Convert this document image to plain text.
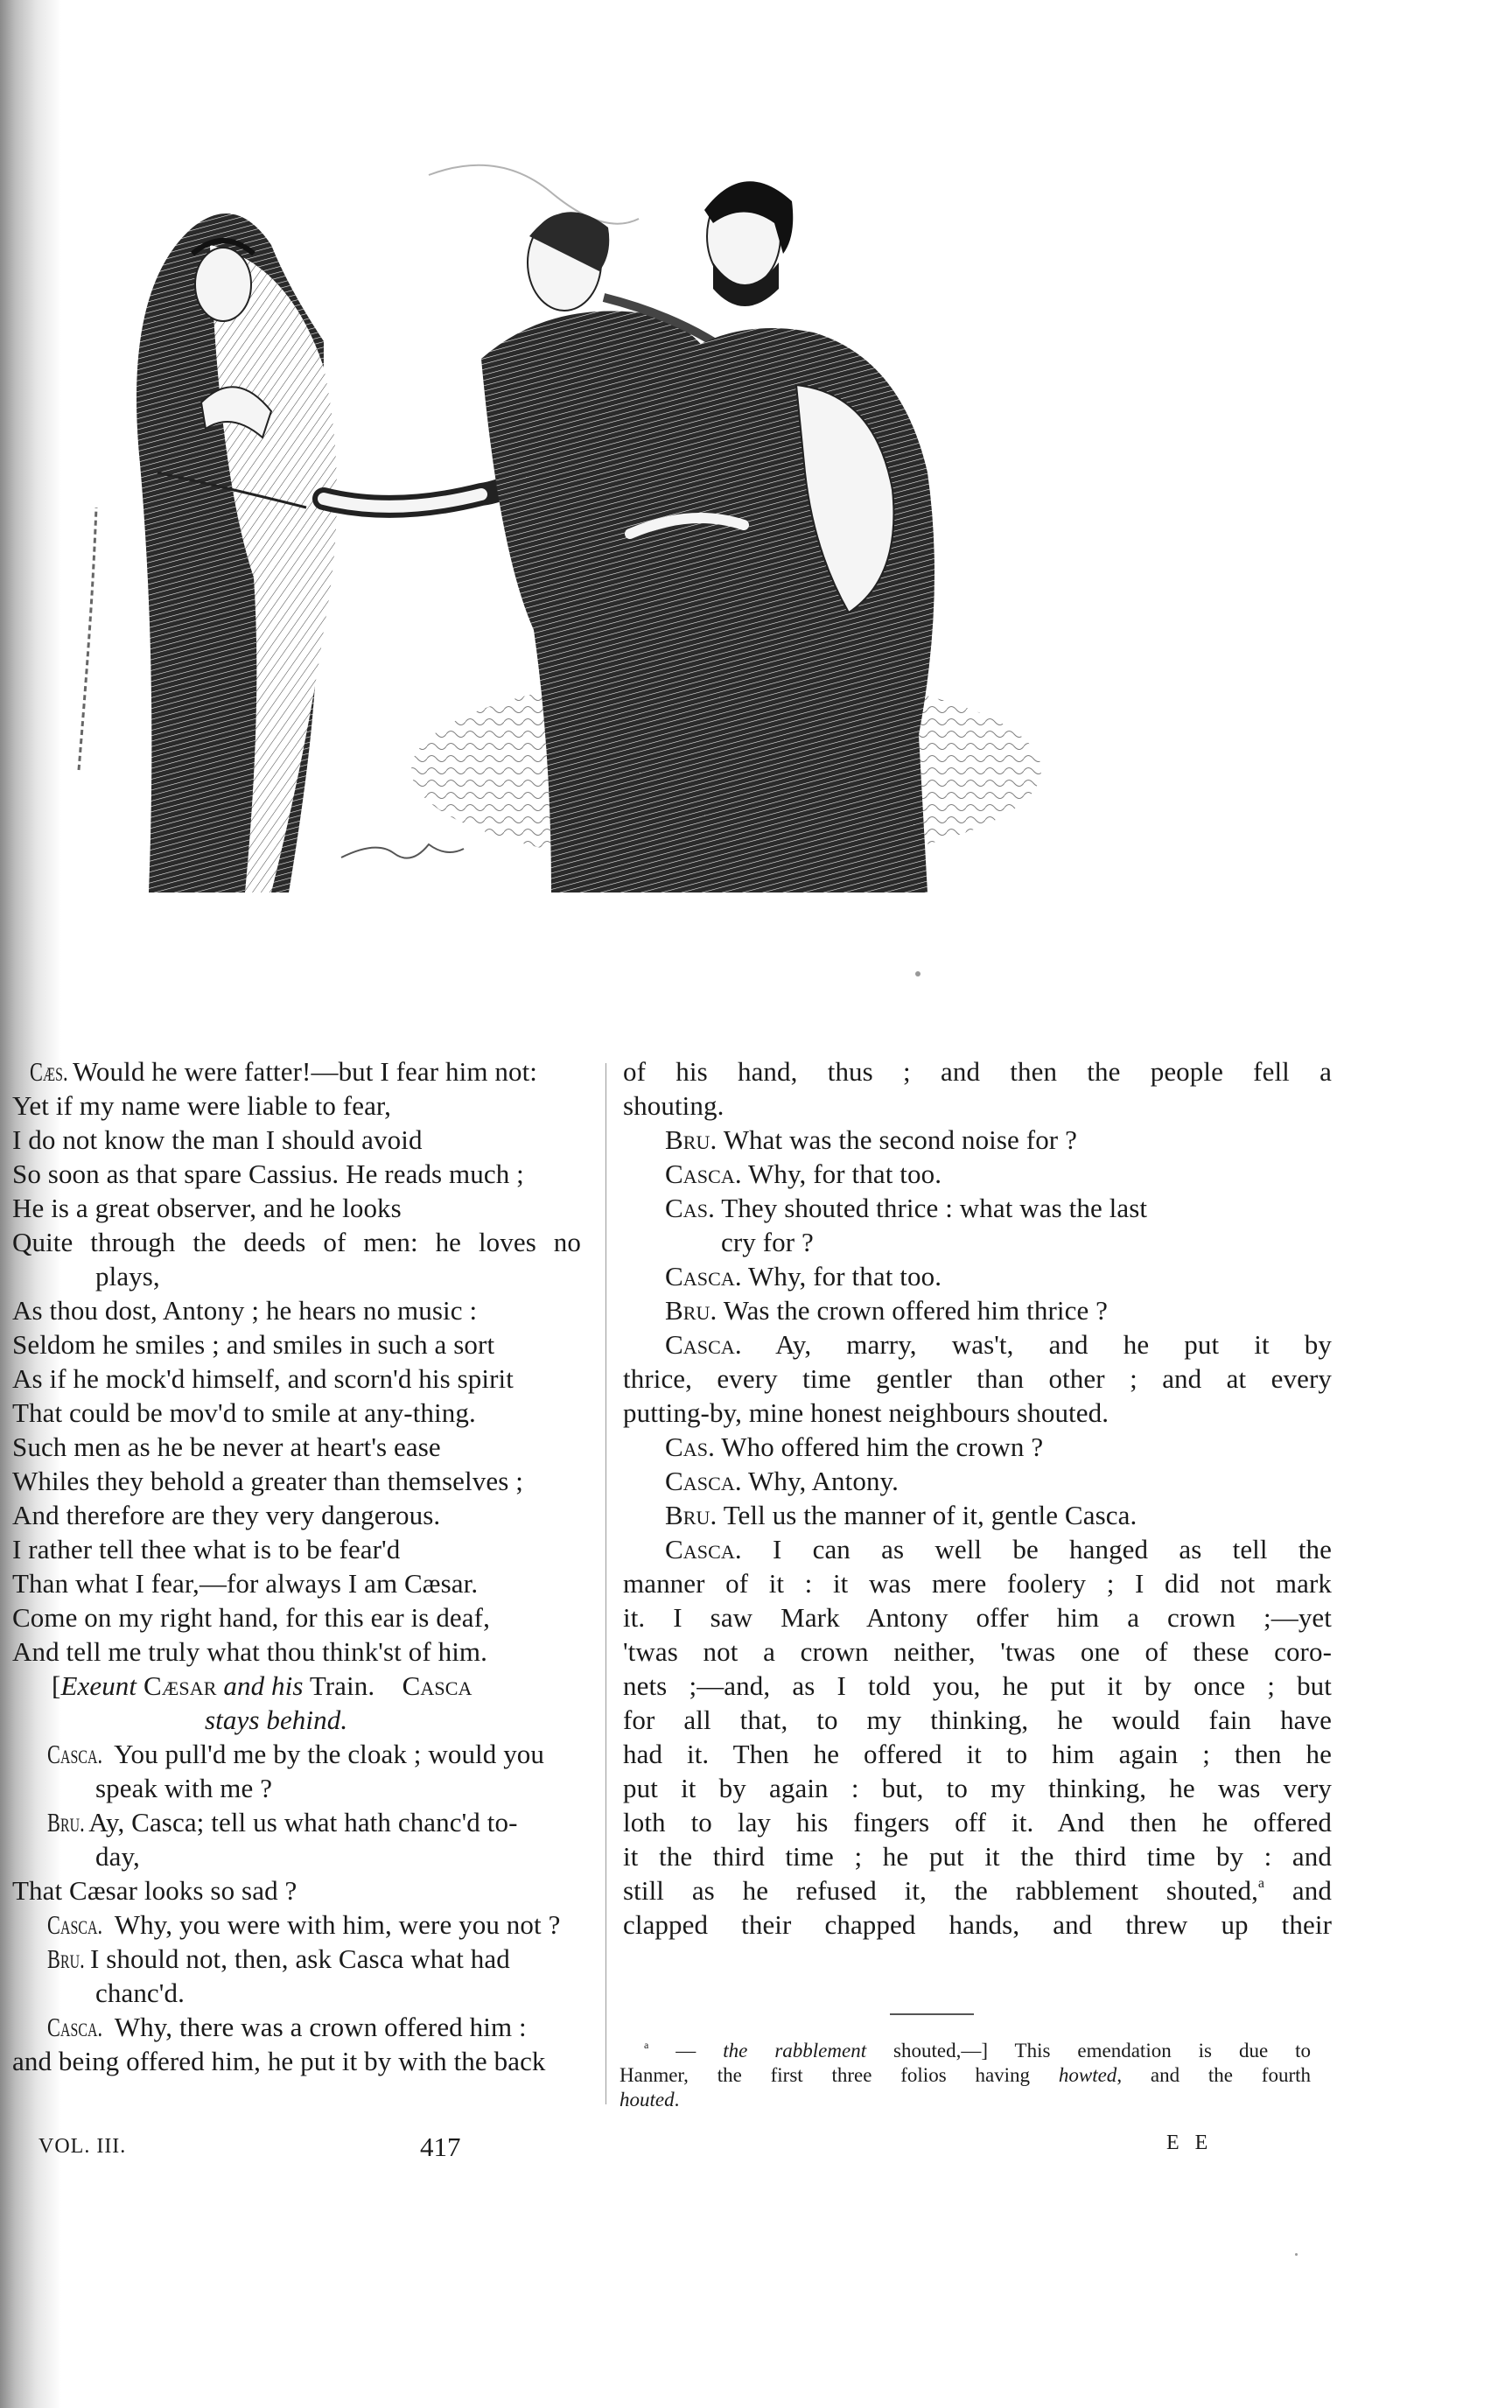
Cæs. Would he were fatter!—but I fear him not:
Yet if my name were liable to fear,
I do not know the man I should avoid
So soon as that spare Cassius. He reads much ;
He is a great observer, and he looks
Quite through the deeds of men: he loves no
plays,
As thou dost, Antony ; he hears no music :
Seldom he smiles ; and smiles in such a sort
As if he mock'd himself, and scorn'd his spirit
That could be mov'd to smile at any-thing.
Such men as he be never at heart's ease
Whiles they behold a greater than themselves ;
And therefore are they very dangerous.
I rather tell thee what is to be fear'd
Than what I fear,—for always I am Cæsar.
Come on my right hand, for this ear is deaf,
And tell me truly what thou think'st of him.
[Exeunt Cæsar and his Train. Casca
stays behind.
Casca. You pull'd me by the cloak ; would you
speak with me ?
Bru. Ay, Casca; tell us what hath chanc'd to-
day,
That Cæsar looks so sad ?
Casca. Why, you were with him, were you not ?
Bru. I should not, then, ask Casca what had
chanc'd.
Casca. Why, there was a crown offered him :
and being offered him, he put it by with the back
of his hand, thus ; and then the people fell a
shouting.
Bru. What was the second noise for ?
Casca. Why, for that too.
Cas. They shouted thrice : what was the last
cry for ?
Casca. Why, for that too.
Bru. Was the crown offered him thrice ?
Casca. Ay, marry, was't, and he put it by
thrice, every time gentler than other ; and at every
putting-by, mine honest neighbours shouted.
Cas. Who offered him the crown ?
Casca. Why, Antony.
Bru. Tell us the manner of it, gentle Casca.
Casca. I can as well be hanged as tell the
manner of it : it was mere foolery ; I did not mark
it. I saw Mark Antony offer him a crown ;—yet
'twas not a crown neither, 'twas one of these coro-
nets ;—and, as I told you, he put it by once ; but
for all that, to my thinking, he would fain have
had it. Then he offered it to him again ; then he
put it by again : but, to my thinking, he was very
loth to lay his fingers off it. And then he offered
it the third time ; he put it the third time by : and
still as he refused it, the rabblement shouted,$^a$ and
clapped their chapped hands, and threw up their
$^a$ — the rabblement shouted,—] This emendation is due to
Hanmer, the first three folios having howted, and the fourth
houted.
VOL. III.	417	E E
